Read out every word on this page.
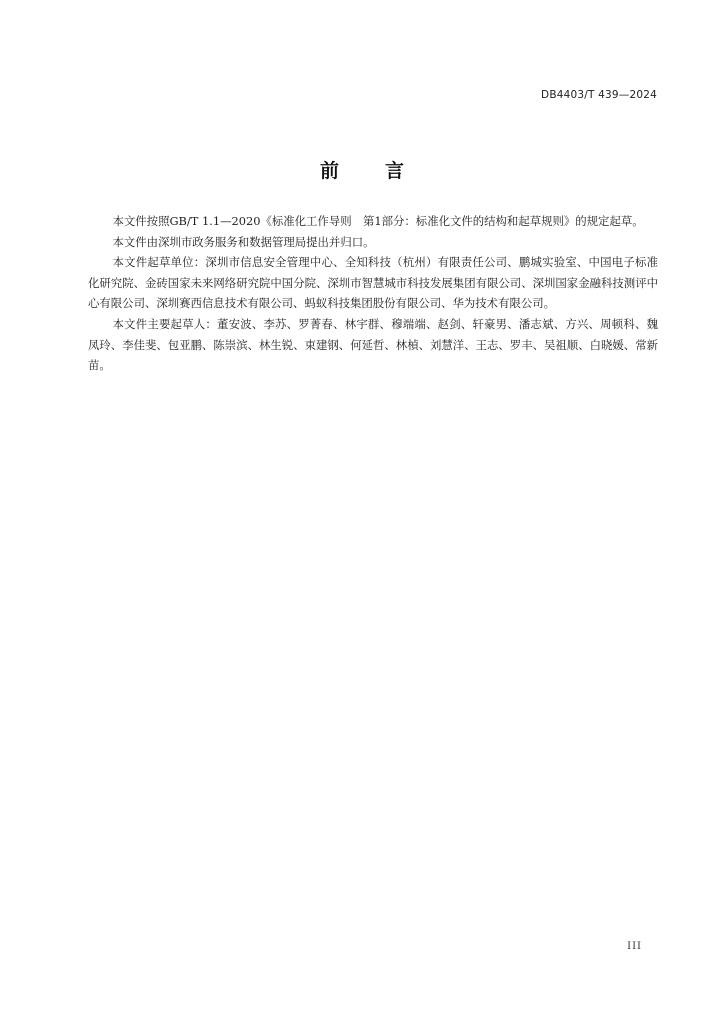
DB4403/T 439—2024
前 言

本文件按照GB/T 1.1—2020《标准化工作导则　第1部分：标准化文件的结构和起草规则》的规定起草。

本文件由深圳市政务服务和数据管理局提出并归口。

本文件起草单位：深圳市信息安全管理中心、全知科技（杭州）有限责任公司、鹏城实验室、中国电子标准化研究院、金砖国家未来网络研究院中国分院、深圳市智慧城市科技发展集团有限公司、深圳国家金融科技测评中心有限公司、深圳赛西信息技术有限公司、蚂蚁科技集团股份有限公司、华为技术有限公司。

本文件主要起草人：董安波、李苏、罗菁春、林宇群、穆端端、赵剑、轩豪男、潘志斌、方兴、周顿科、魏凤玲、李佳斐、包亚鹏、陈崇滨、林生锐、束建钢、何延哲、林楨、刘慧洋、王志、罗丰、吴祖顺、白晓媛、常新苗。

III
